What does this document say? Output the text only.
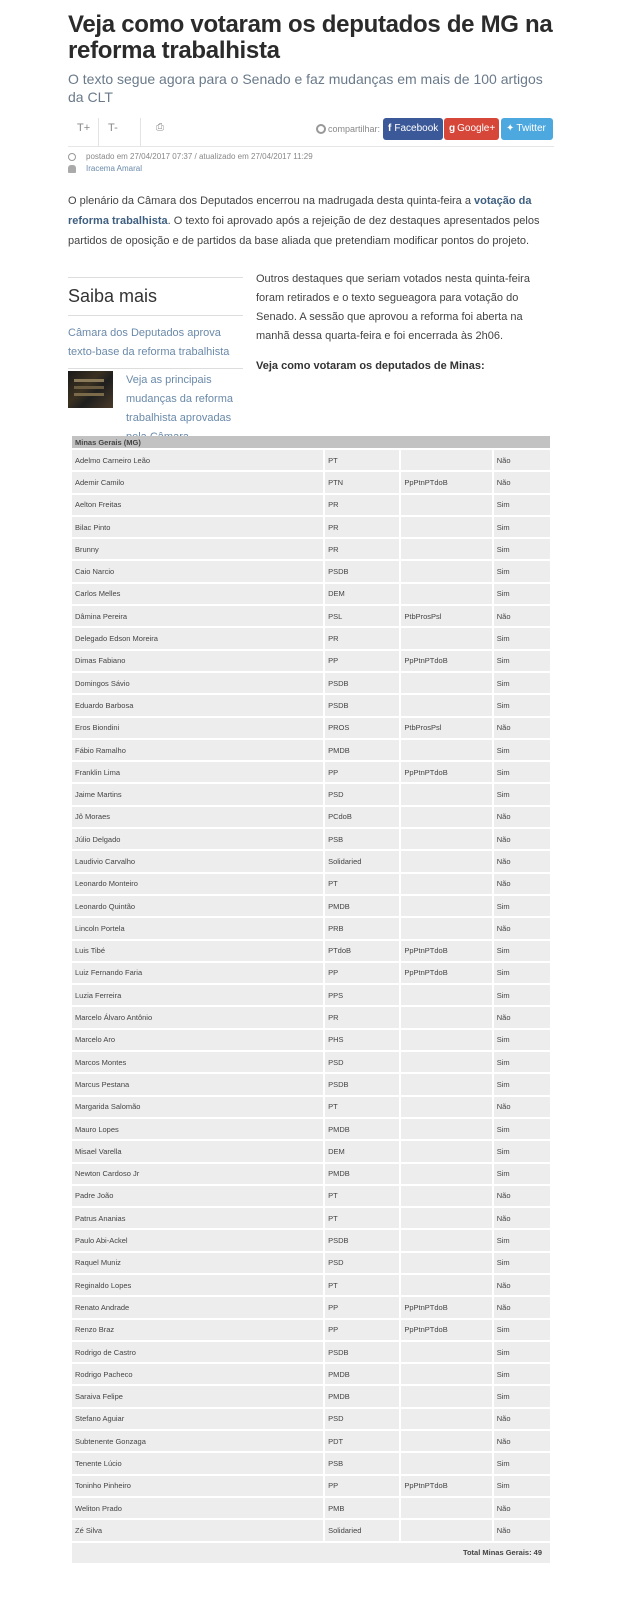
Veja como votaram os deputados de MG na reforma trabalhista
O texto segue agora para o Senado e faz mudanças em mais de 100 artigos da CLT
T+ T-	⎙	compartilhar: f Facebook	g Google+	✦ Twitter
postado em 27/04/2017 07:37 / atualizado em 27/04/2017 11:29
Iracema Amaral
O plenário da Câmara dos Deputados encerrou na madrugada desta quinta-feira a votação da reforma trabalhista. O texto foi aprovado após a rejeição de dez destaques apresentados pelos partidos de oposição e de partidos da base aliada que pretendiam modificar pontos do projeto.
Saiba mais
Câmara dos Deputados aprova texto-base da reforma trabalhista
Veja as principais mudanças da reforma trabalhista aprovadas
Outros destaques que seriam votados nesta quinta-feira foram retirados e o texto segueagora para votação do Senado. A sessão que aprovou a reforma foi aberta na manhã dessa quarta-feira e foi encerrada às 2h06.
Veja como votaram os deputados de Minas:
Minas Gerais (MG)			
Adelmo Carneiro Leão	PT		Não
Ademir Camilo	PTN	PpPtnPTdoB	Não
Aelton Freitas	PR		Sim
Bilac Pinto	PR		Sim
Brunny	PR		Sim
Caio Narcio	PSDB		Sim
Carlos Melles	DEM		Sim
Dâmina Pereira	PSL	PtbProsPsl	Não
Delegado Edson Moreira	PR		Sim
Dimas Fabiano	PP	PpPtnPTdoB	Sim
Domingos Sávio	PSDB		Sim
Eduardo Barbosa	PSDB		Sim
Eros Biondini	PROS	PtbProsPsl	Não
Fábio Ramalho	PMDB		Sim
Franklin Lima	PP	PpPtnPTdoB	Sim
Jaime Martins	PSD		Sim
Jô Moraes	PCdoB		Não
Júlio Delgado	PSB		Não
Laudivio Carvalho	Solidaried		Não
Leonardo Monteiro	PT		Não
Leonardo Quintão	PMDB		Sim
Lincoln Portela	PRB		Não
Luis Tibé	PTdoB	PpPtnPTdoB	Sim
Luiz Fernando Faria	PP	PpPtnPTdoB	Sim
Luzia Ferreira	PPS		Sim
Marcelo Álvaro Antônio	PR		Não
Marcelo Aro	PHS		Sim
Marcos Montes	PSD		Sim
Marcus Pestana	PSDB		Sim
Margarida Salomão	PT		Não
Mauro Lopes	PMDB		Sim
Misael Varella	DEM		Sim
Newton Cardoso Jr	PMDB		Sim
Padre João	PT		Não
Patrus Ananias	PT		Não
Paulo Abi-Ackel	PSDB		Sim
Raquel Muniz	PSD		Sim
Reginaldo Lopes	PT		Não
Renato Andrade	PP	PpPtnPTdoB	Não
Renzo Braz	PP	PpPtnPTdoB	Sim
Rodrigo de Castro	PSDB		Sim
Rodrigo Pacheco	PMDB		Sim
Saraiva Felipe	PMDB		Sim
Stefano Aguiar	PSD		Não
Subtenente Gonzaga	PDT		Não
Tenente Lúcio	PSB		Sim
Toninho Pinheiro	PP	PpPtnPTdoB	Sim
Weliton Prado	PMB		Não
Zé Silva	Solidaried		Não
Total Minas Gerais: 49			
